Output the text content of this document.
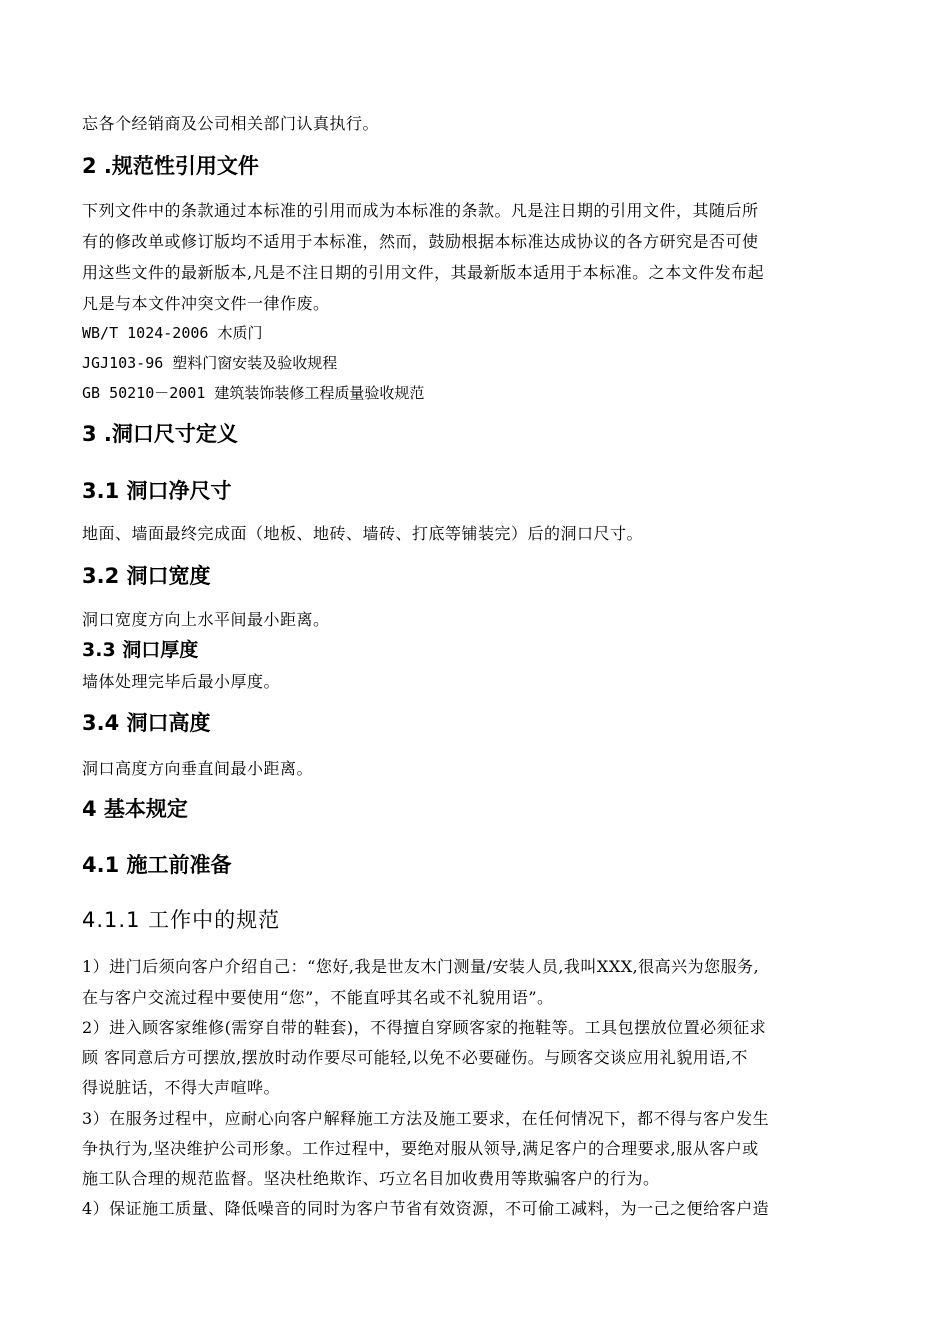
忘各个经销商及公司相关部门认真执行。

2 .规范性引用文件

下列文件中的条款通过本标准的引用而成为本标准的条款。凡是注日期的引用文件，其随后所

有的修改单或修订版均不适用于本标准，然而，鼓励根据本标准达成协议的各方研究是否可使

用这些文件的最新版本,凡是不注日期的引用文件，其最新版本适用于本标准。之本文件发布起

凡是与本文件冲突文件一律作废。

WB/T 1024-2006 木质门

JGJ103-96 塑料门窗安装及验收规程

GB 50210－2001 建筑装饰装修工程质量验收规范

3 .洞口尺寸定义
3.1 洞口净尺寸

地面、墙面最终完成面（地板、地砖、墙砖、打底等铺装完）后的洞口尺寸。

3.2 洞口宽度

洞口宽度方向上水平间最小距离。

3.3 洞口厚度

墙体处理完毕后最小厚度。

3.4 洞口高度

洞口高度方向垂直间最小距离。

4 基本规定
4.1 施工前准备
4.1.1 工作中的规范

1）进门后须向客户介绍自己：“您好,我是世友木门测量/安装人员,我叫XXX,很高兴为您服务,

在与客户交流过程中要使用“您”，不能直呼其名或不礼貌用语”。

2）进入顾客家维修(需穿自带的鞋套)，不得擅自穿顾客家的拖鞋等。工具包摆放位置必须征求

顾 客同意后方可摆放,摆放时动作要尽可能轻,以免不必要碰伤。与顾客交谈应用礼貌用语,不

得说脏话，不得大声喧哗。

3）在服务过程中，应耐心向客户解释施工方法及施工要求，在任何情况下，都不得与客户发生

争执行为,坚决维护公司形象。工作过程中，要绝对服从领导,满足客户的合理要求,服从客户或

施工队合理的规范监督。坚决杜绝欺诈、巧立名目加收费用等欺骗客户的行为。

4）保证施工质量、降低噪音的同时为客户节省有效资源，不可偷工减料，为一己之便给客户造
